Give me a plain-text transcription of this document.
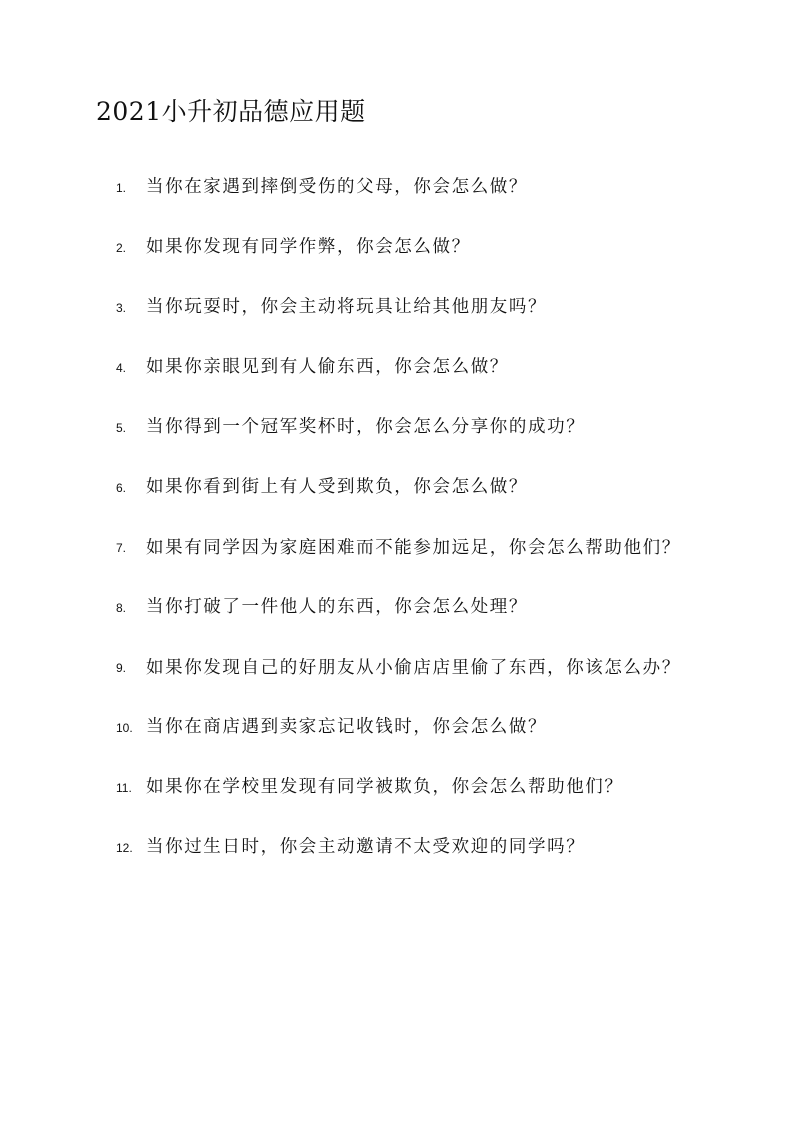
2021小升初品德应用题
1.	当你在家遇到摔倒受伤的父母，你会怎么做？
2.	如果你发现有同学作弊，你会怎么做？
3.	当你玩耍时，你会主动将玩具让给其他朋友吗？
4.	如果你亲眼见到有人偷东西，你会怎么做？
5.	当你得到一个冠军奖杯时，你会怎么分享你的成功？
6.	如果你看到街上有人受到欺负，你会怎么做？
7.	如果有同学因为家庭困难而不能参加远足，你会怎么帮助他们？
8.	当你打破了一件他人的东西，你会怎么处理？
9.	如果你发现自己的好朋友从小偷店店里偷了东西，你该怎么办？
10. 当你在商店遇到卖家忘记收钱时，你会怎么做？
11. 如果你在学校里发现有同学被欺负，你会怎么帮助他们？
12. 当你过生日时，你会主动邀请不太受欢迎的同学吗？
